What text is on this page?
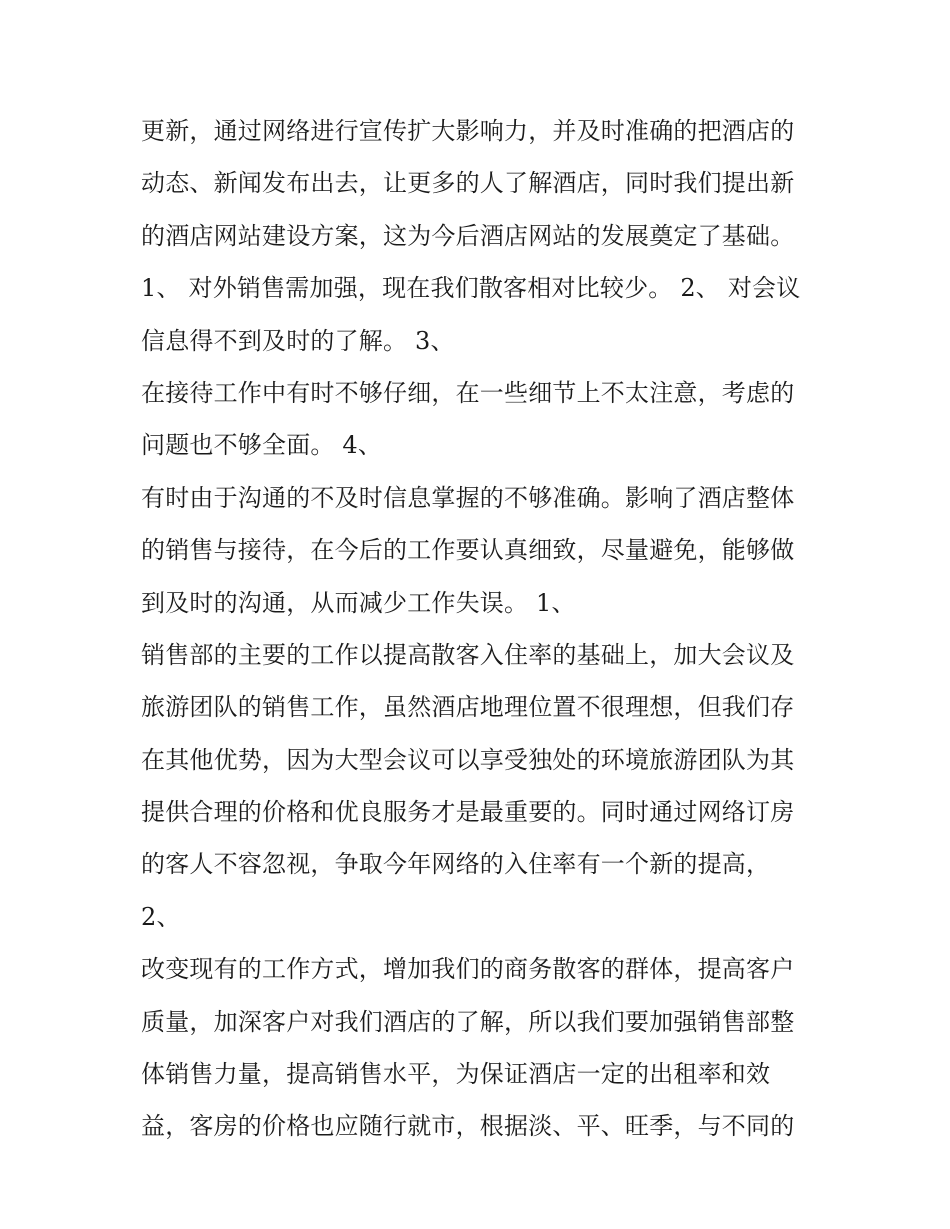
更新，通过网络进行宣传扩大影响力，并及时准确的把酒店的
动态、新闻发布出去，让更多的人了解酒店，同时我们提出新
的酒店网站建设方案，这为今后酒店网站的发展奠定了基础。
1、 对外销售需加强，现在我们散客相对比较少。 2、 对会议
信息得不到及时的了解。 3、
在接待工作中有时不够仔细，在一些细节上不太注意，考虑的
问题也不够全面。 4、
有时由于沟通的不及时信息掌握的不够准确。影响了酒店整体
的销售与接待，在今后的工作要认真细致，尽量避免，能够做
到及时的沟通，从而减少工作失误。 1、
销售部的主要的工作以提高散客入住率的基础上，加大会议及
旅游团队的销售工作，虽然酒店地理位置不很理想，但我们存
在其他优势，因为大型会议可以享受独处的环境旅游团队为其
提供合理的价格和优良服务才是最重要的。同时通过网络订房
的客人不容忽视，争取今年网络的入住率有一个新的提高，
2、
改变现有的工作方式，增加我们的商务散客的群体，提高客户
质量，加深客户对我们酒店的了解，所以我们要加强销售部整
体销售力量，提高销售水平，为保证酒店一定的出租率和效
益，客房的价格也应随行就市，根据淡、平、旺季，与不同的
